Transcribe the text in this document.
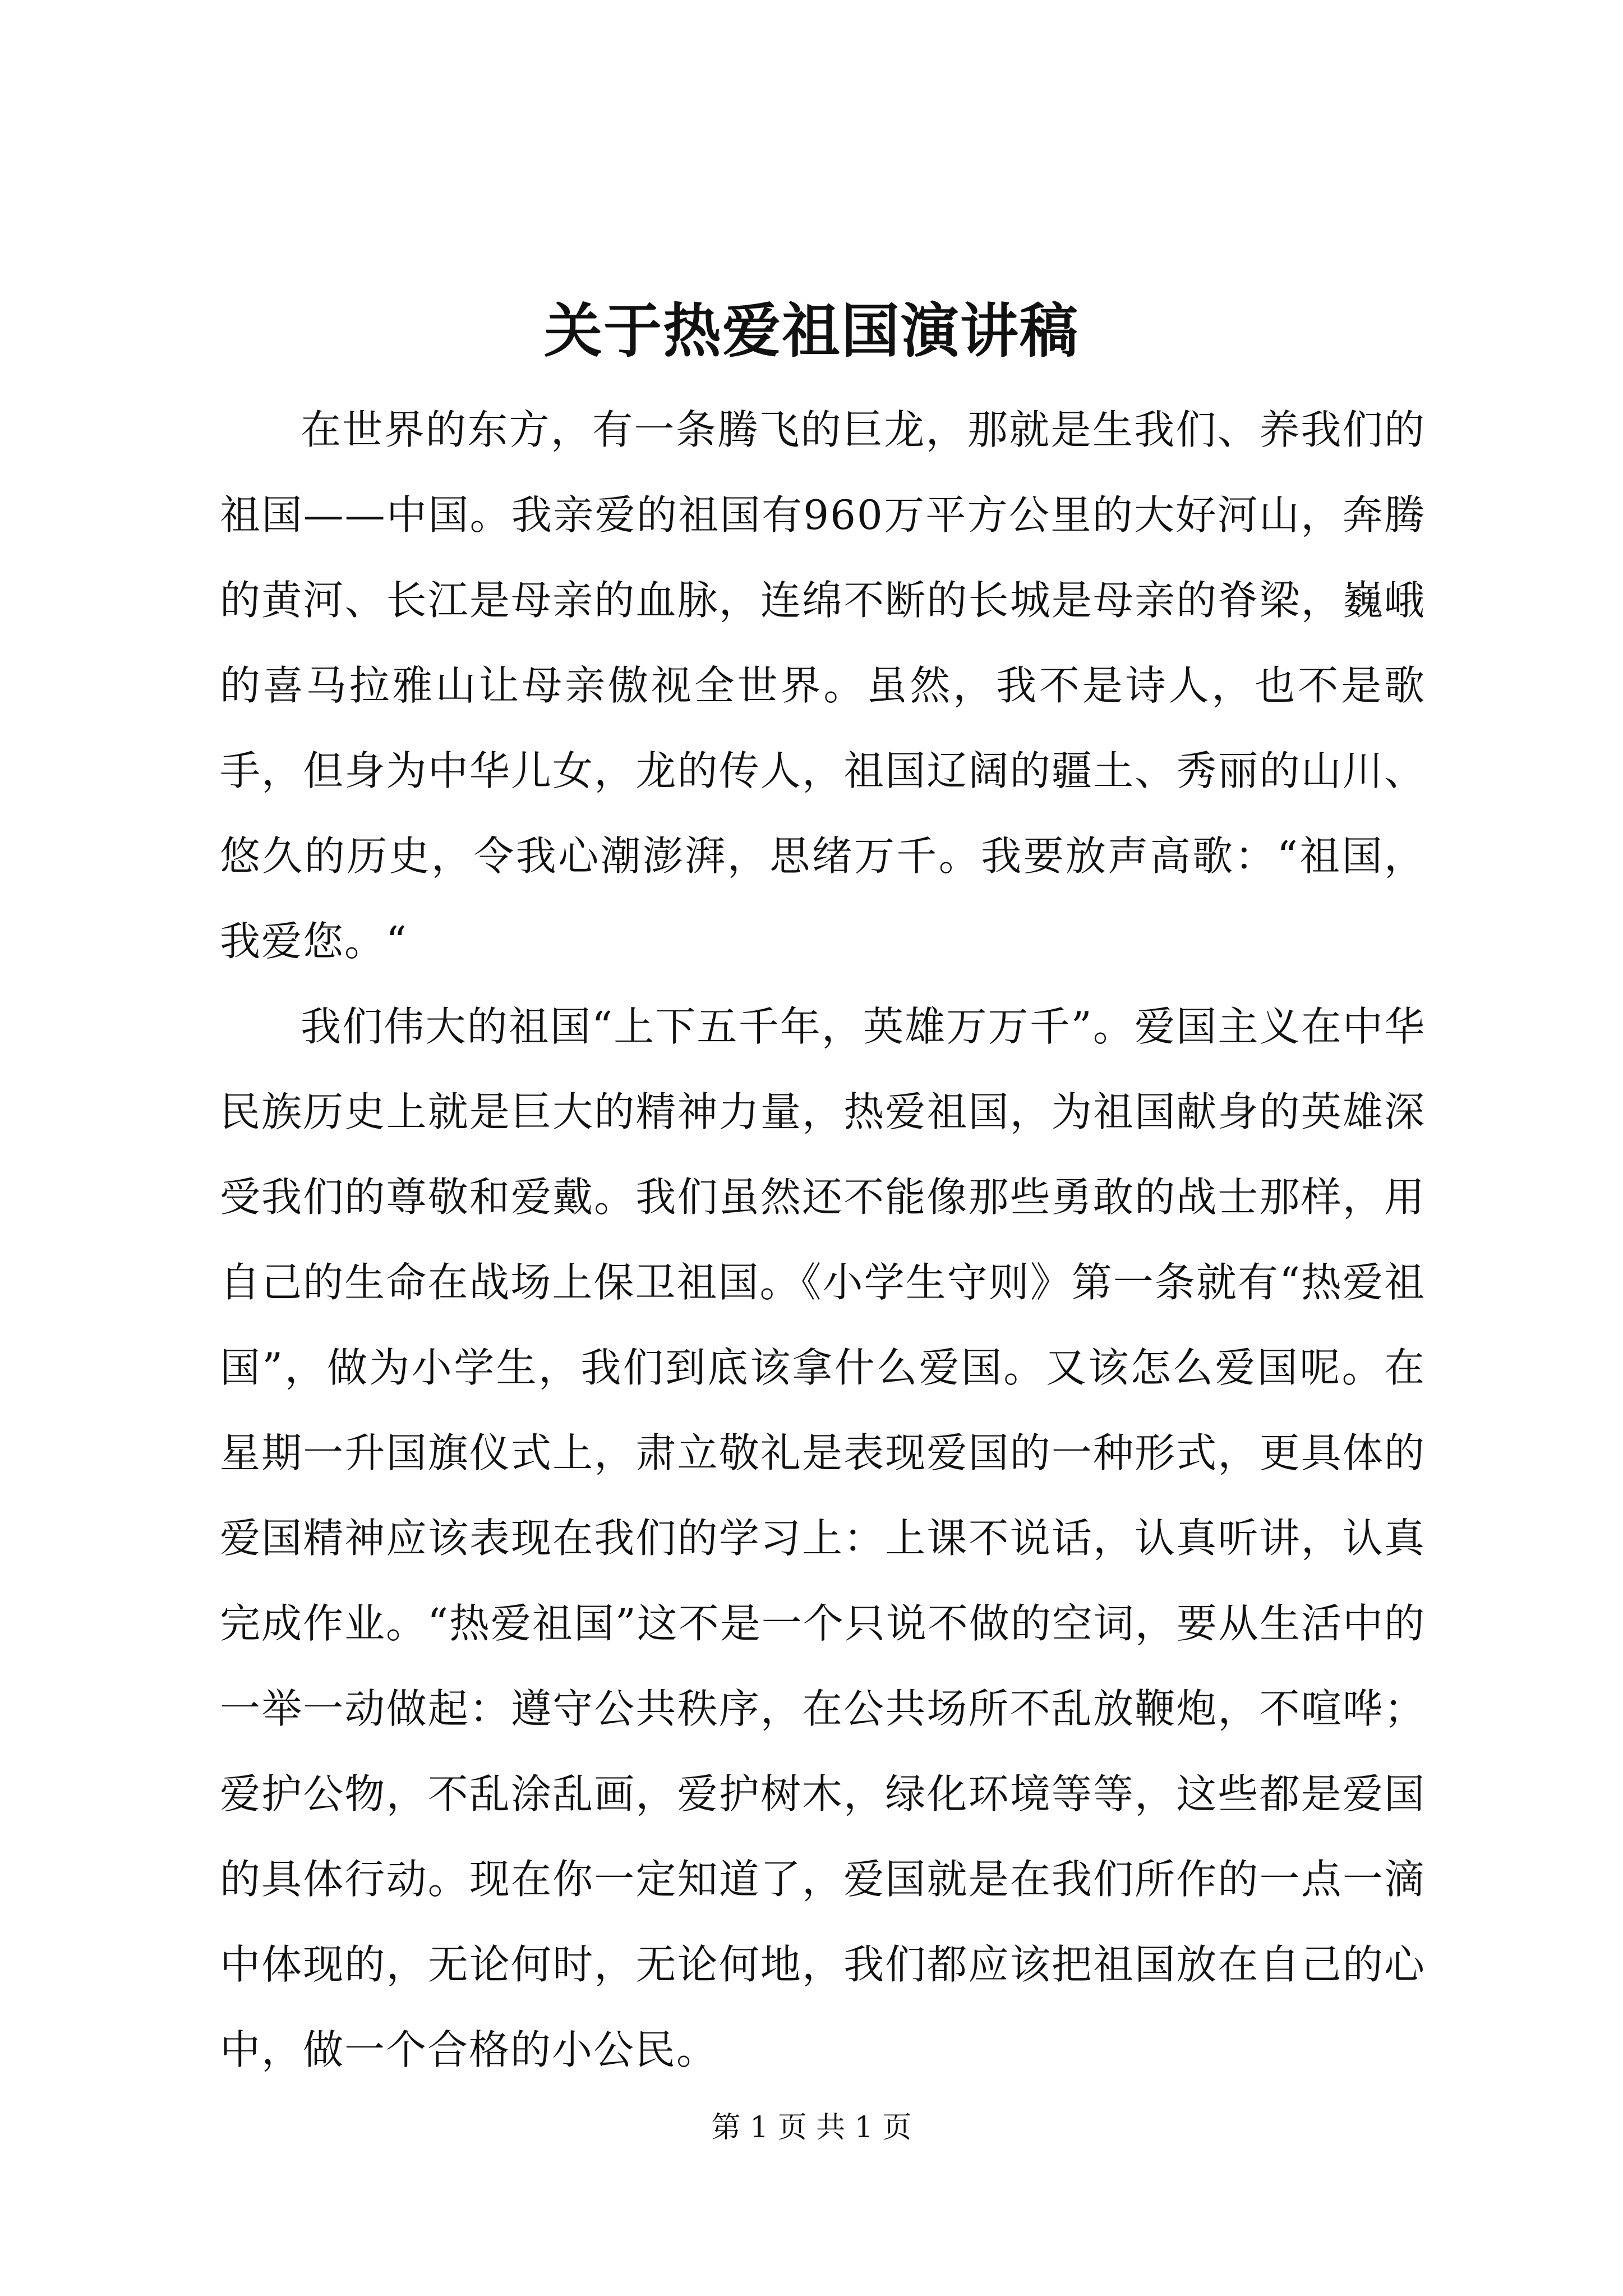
关于热爱祖国演讲稿

在世界的东方，有一条腾飞的巨龙，那就是生我们、养我们的祖国——中国。我亲爱的祖国有960万平方公里的大好河山，奔腾的黄河、长江是母亲的血脉，连绵不断的长城是母亲的脊梁，巍峨的喜马拉雅山让母亲傲视全世界。虽然，我不是诗人，也不是歌手，但身为中华儿女，龙的传人，祖国辽阔的疆土、秀丽的山川、悠久的历史，令我心潮澎湃，思绪万千。我要放声高歌：“祖国，我爱您。“

我们伟大的祖国“上下五千年，英雄万万千”。爱国主义在中华民族历史上就是巨大的精神力量，热爱祖国，为祖国献身的英雄深受我们的尊敬和爱戴。我们虽然还不能像那些勇敢的战士那样，用自己的生命在战场上保卫祖国。《小学生守则》第一条就有“热爱祖国”，做为小学生，我们到底该拿什么爱国。又该怎么爱国呢。在星期一升国旗仪式上，肃立敬礼是表现爱国的一种形式，更具体的爱国精神应该表现在我们的学习上：上课不说话，认真听讲，认真完成作业。“热爱祖国”这不是一个只说不做的空词，要从生活中的一举一动做起：遵守公共秩序，在公共场所不乱放鞭炮，不喧哗；爱护公物，不乱涂乱画，爱护树木，绿化环境等等，这些都是爱国的具体行动。现在你一定知道了，爱国就是在我们所作的一点一滴中体现的，无论何时，无论何地，我们都应该把祖国放在自己的心中，做一个合格的小公民。

第 1 页 共 1 页
